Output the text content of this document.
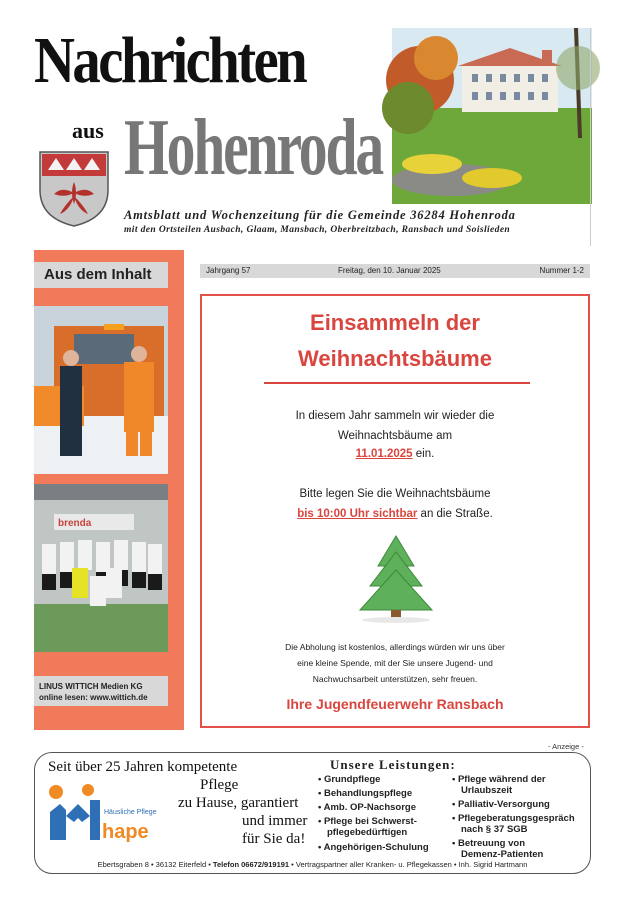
Nachrichten
aus Hohenroda
Amtsblatt und Wochenzeitung für die Gemeinde 36284 Hohenroda
mit den Ortsteilen Ausbach, Glaam, Mansbach, Oberbreitzbach, Ransbach und Soislieden
Aus dem Inhalt
brenda
LINUS WITTICH Medien KG
online lesen: www.wittich.de
Jahrgang 57	Freitag, den 10. Januar 2025	Nummer 1-2
Einsammeln der
Weihnachtsbäume
In diesem Jahr sammeln wir wieder die
Weihnachtsbäume am
11.01.2025 ein.
Bitte legen Sie die Weihnachtsbäume
bis 10:00 Uhr sichtbar an die Straße.
Die Abholung ist kostenlos, allerdings würden wir uns über
eine kleine Spende, mit der Sie unsere Jugend- und
Nachwuchsarbeit unterstützen, sehr freuen.
Ihre Jugendfeuerwehr Ransbach
- Anzeige -
Seit über 25 Jahren kompetente
Pflege
zu Hause, garantiert
und immer
für Sie da!
Häusliche Pflege
hape
Unsere Leistungen:
• Grundpflege
• Behandlungspflege
• Amb. OP-Nachsorge
• Pflege bei Schwerst-
pflegebedürftigen
• Angehörigen-Schulung
• Pflege während der
Urlaubszeit
• Palliativ-Versorgung
• Pflegeberatungsgespräch
nach § 37 SGB
• Betreuung von
Demenz-Patienten
Ebertsgraben 8 • 36132 Eiterfeld • Telefon 06672/919191 • Vertragspartner aller Kranken- u. Pflegekassen • Inh. Sigrid Hartmann
